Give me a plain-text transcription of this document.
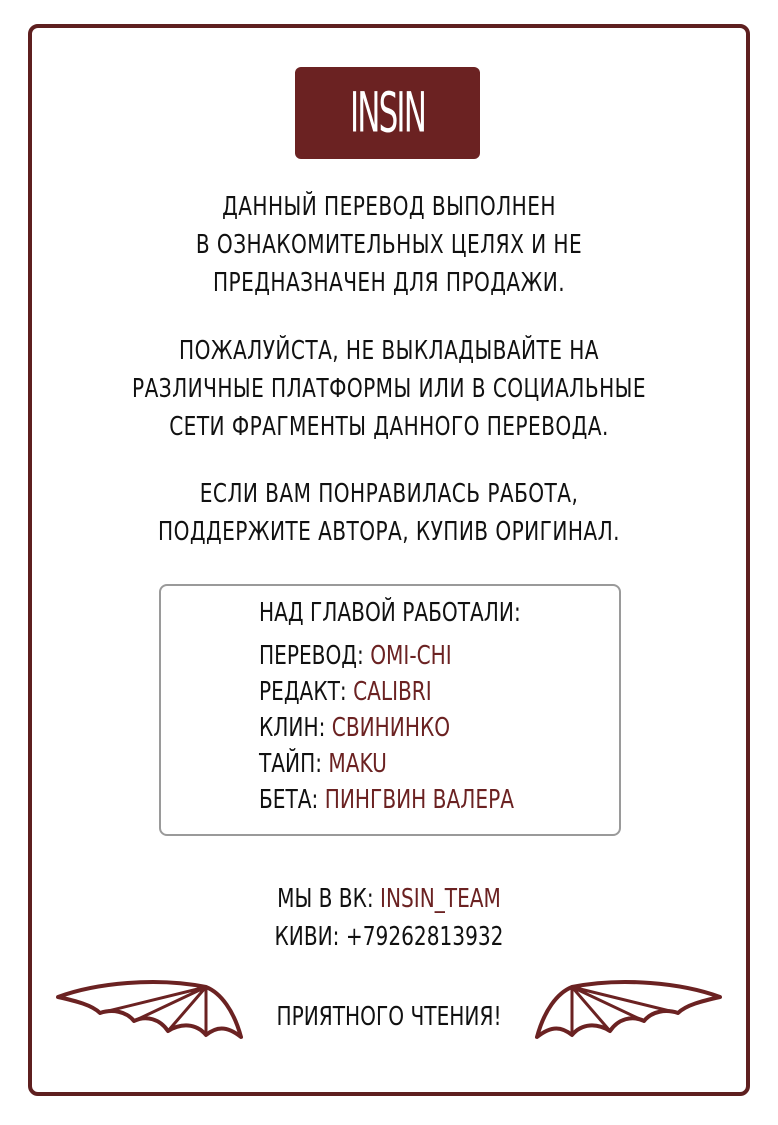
INSIN

ДАННЫЙ ПЕРЕВОД ВЫПОЛНЕН

В ОЗНАКОМИТЕЛЬНЫХ ЦЕЛЯХ И НЕ

ПРЕДНАЗНАЧЕН ДЛЯ ПРОДАЖИ.

ПОЖАЛУЙСТА, НЕ ВЫКЛАДЫВАЙТЕ НА

РАЗЛИЧНЫЕ ПЛАТФОРМЫ ИЛИ В СОЦИАЛЬНЫЕ

СЕТИ ФРАГМЕНТЫ ДАННОГО ПЕРЕВОДА.

ЕСЛИ ВАМ ПОНРАВИЛАСЬ РАБОТА,

ПОДДЕРЖИТЕ АВТОРА, КУПИВ ОРИГИНАЛ.

НАД ГЛАВОЙ РАБОТАЛИ:
ПЕРЕВОД: OMI-CHI
РЕДАКТ: CALIBRI
КЛИН: СВИНИНКО
ТАЙП: MAKU
БЕТА: ПИНГВИН ВАЛЕРА

МЫ В ВК: INSIN_TEAM

КИВИ: +79262813932

ПРИЯТНОГО ЧТЕНИЯ!
